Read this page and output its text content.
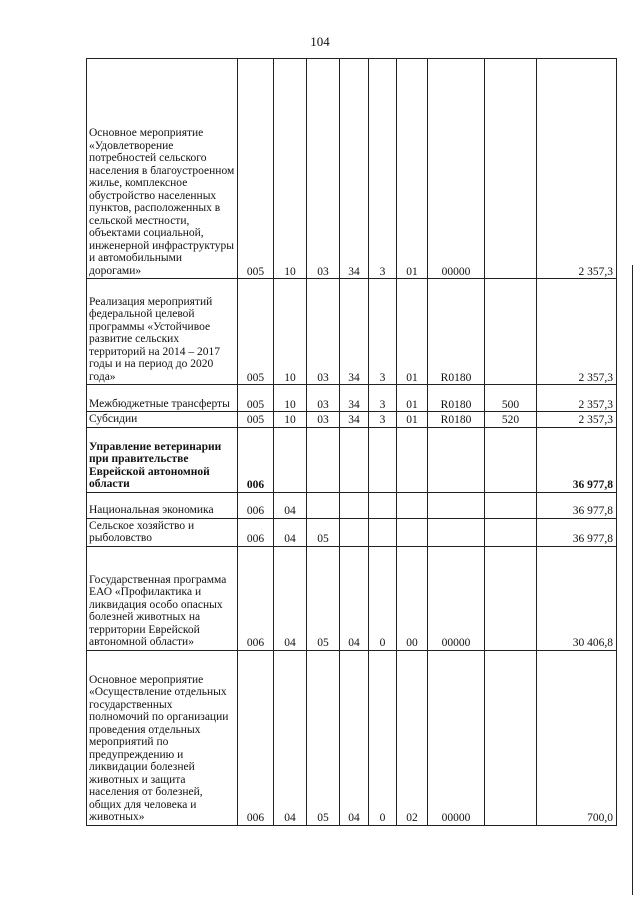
104
Основное мероприятие «Удовлетворение потребностей сельского населения в благоустроенном жилье, комплексное обустройство населенных пунктов, расположенных в сельской местности, объектами социальной, инженерной инфраструктуры и автомобильными дорогами»	005	10	03	34	3	01	00000		2 357,3
Реализация мероприятий федеральной целевой программы «Устойчивое развитие сельских территорий на 2014 – 2017 годы и на период до 2020 года»	005	10	03	34	3	01	R0180		2 357,3
Межбюджетные трансферты	005	10	03	34	3	01	R0180	500	2 357,3
Субсидии	005	10	03	34	3	01	R0180	520	2 357,3
Управление ветеринарии при правительстве Еврейской автономной области	006								36 977,8
Национальная экономика	006	04							36 977,8
Сельское хозяйство и рыболовство	006	04	05						36 977,8
Государственная программа ЕАО «Профилактика и ликвидация особо опасных болезней животных на территории Еврейской автономной области»	006	04	05	04	0	00	00000		30 406,8
Основное мероприятие «Осуществление отдельных государственных полномочий по организации проведения отдельных мероприятий по предупреждению и ликвидации болезней животных и защита населения от болезней, общих для человека и животных»	006	04	05	04	0	02	00000		700,0
